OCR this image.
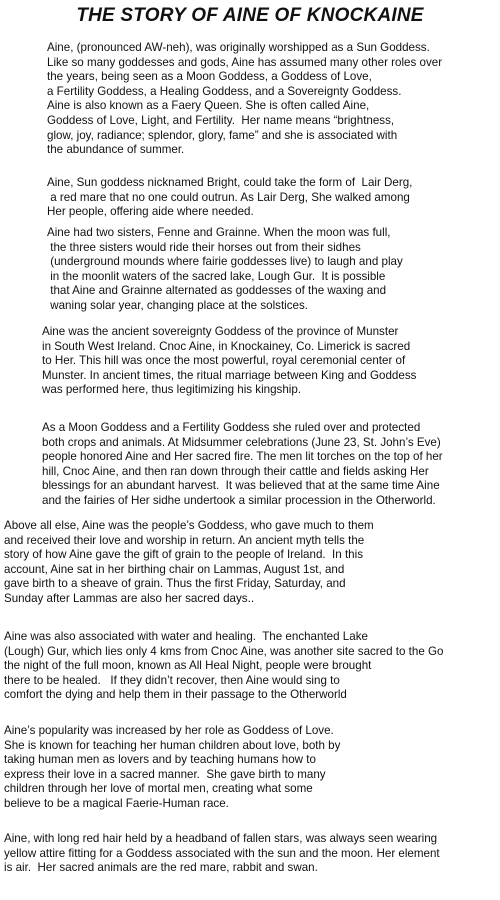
THE STORY OF AINE OF KNOCKAINE
Aine, (pronounced AW-neh), was originally worshipped as a Sun Goddess.
Like so many goddesses and gods, Aine has assumed many other roles over
the years, being seen as a Moon Goddess, a Goddess of Love,
a Fertility Goddess, a Healing Goddess, and a Sovereignty Goddess.
Aine is also known as a Faery Queen. She is often called Aine,
Goddess of Love, Light, and Fertility.  Her name means “brightness,
glow, joy, radiance; splendor, glory, fame” and she is associated with
the abundance of summer.
Aine, Sun goddess nicknamed Bright, could take the form of  Lair Derg,
a red mare that no one could outrun. As Lair Derg, She walked among
Her people, offering aide where needed.
Aine had two sisters, Fenne and Grainne. When the moon was full,
the three sisters would ride their horses out from their sidhes
(underground mounds where fairie goddesses live) to laugh and play
in the moonlit waters of the sacred lake, Lough Gur.  It is possible
that Aine and Grainne alternated as goddesses of the waxing and
waning solar year, changing place at the solstices.
Aine was the ancient sovereignty Goddess of the province of Munster
in South West Ireland. Cnoc Aine, in Knockainey, Co. Limerick is sacred
to Her. This hill was once the most powerful, royal ceremonial center of
Munster. In ancient times, the ritual marriage between King and Goddess
was performed here, thus legitimizing his kingship.
As a Moon Goddess and a Fertility Goddess she ruled over and protected
both crops and animals. At Midsummer celebrations (June 23, St. John’s Eve)
people honored Aine and Her sacred fire. The men lit torches on the top of her
hill, Cnoc Aine, and then ran down through their cattle and fields asking Her
blessings for an abundant harvest.  It was believed that at the same time Aine
and the fairies of Her sidhe undertook a similar procession in the Otherworld.
Above all else, Aine was the people’s Goddess, who gave much to them
and received their love and worship in return. An ancient myth tells the
story of how Aine gave the gift of grain to the people of Ireland.  In this
account, Aine sat in her birthing chair on Lammas, August 1st, and
gave birth to a sheave of grain. Thus the first Friday, Saturday, and
Sunday after Lammas are also her sacred days..
Aine was also associated with water and healing.  The enchanted Lake
(Lough) Gur, which lies only 4 kms from Cnoc Aine, was another site sacred to the Go
the night of the full moon, known as All Heal Night, people were brought
there to be healed.   If they didn’t recover, then Aine would sing to
comfort the dying and help them in their passage to the Otherworld
Aine’s popularity was increased by her role as Goddess of Love.
She is known for teaching her human children about love, both by
taking human men as lovers and by teaching humans how to
express their love in a sacred manner.  She gave birth to many
children through her love of mortal men, creating what some
believe to be a magical Faerie-Human race.
Aine, with long red hair held by a headband of fallen stars, was always seen wearing
yellow attire fitting for a Goddess associated with the sun and the moon. Her element
is air.  Her sacred animals are the red mare, rabbit and swan.
